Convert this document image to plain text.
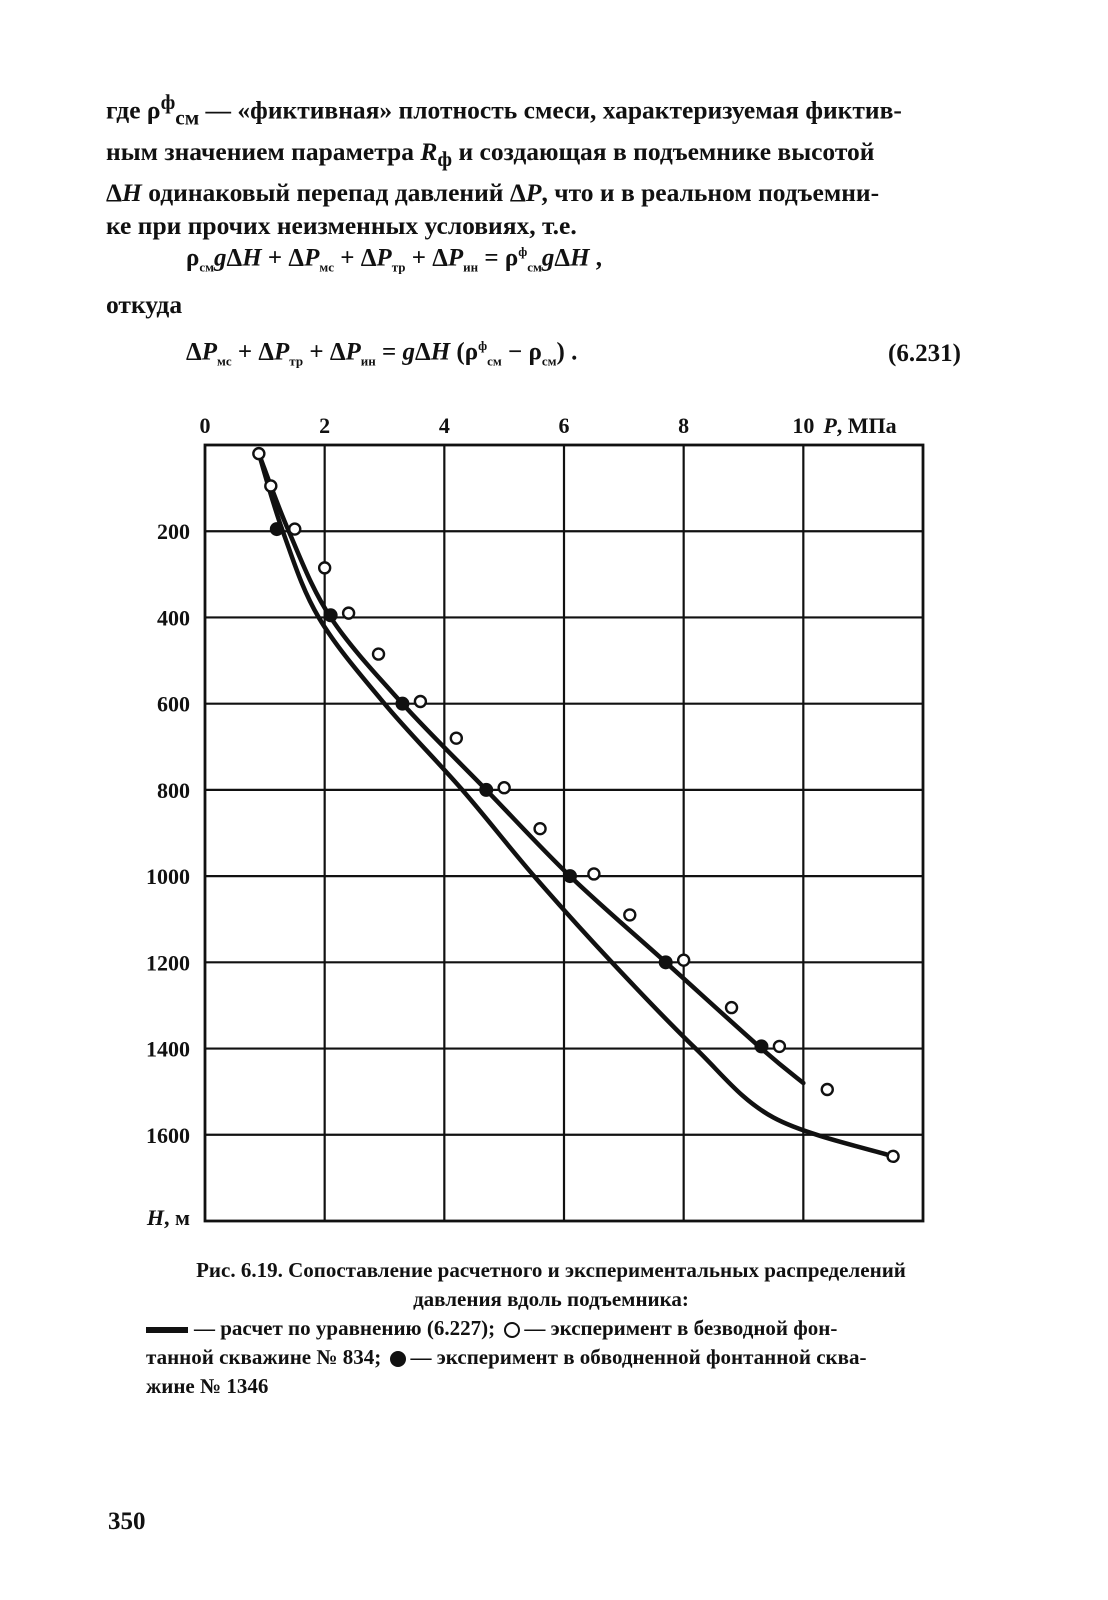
где $\rho^ф_{см}$ — «фиктивная» плотность смеси, характеризуемая фиктив-
ным значением параметра $R_ф$ и создающая в подъемнике высотой
ΔH одинаковый перепад давлений ΔP, что и в реальном подъемни-
ке при прочих неизменных условиях, т.е.
$\rho_{см}g\Delta H + \Delta P_{мс} + \Delta P_{тр} + \Delta P_{ин} = \rho^ф_{см}g\Delta H$ ,
откуда
$\Delta P_{мс} + \Delta P_{тр} + \Delta P_{ин} = g\Delta H$ $(\rho^ф_{см} - \rho_{см})$ .	(6.231)
0	2	4	6	8	10
200
400
600
800
1000
1200
1400
1600
P, МПа
H, м
Рис. 6.19. Сопоставление расчетного и экспериментальных распределений
давления вдоль подъемника:
— расчет по уравнению (6.227); — эксперимент в безводной фон-
танной скважине № 834; — эксперимент в обводненной фонтанной сква-
жине № 1346
350
